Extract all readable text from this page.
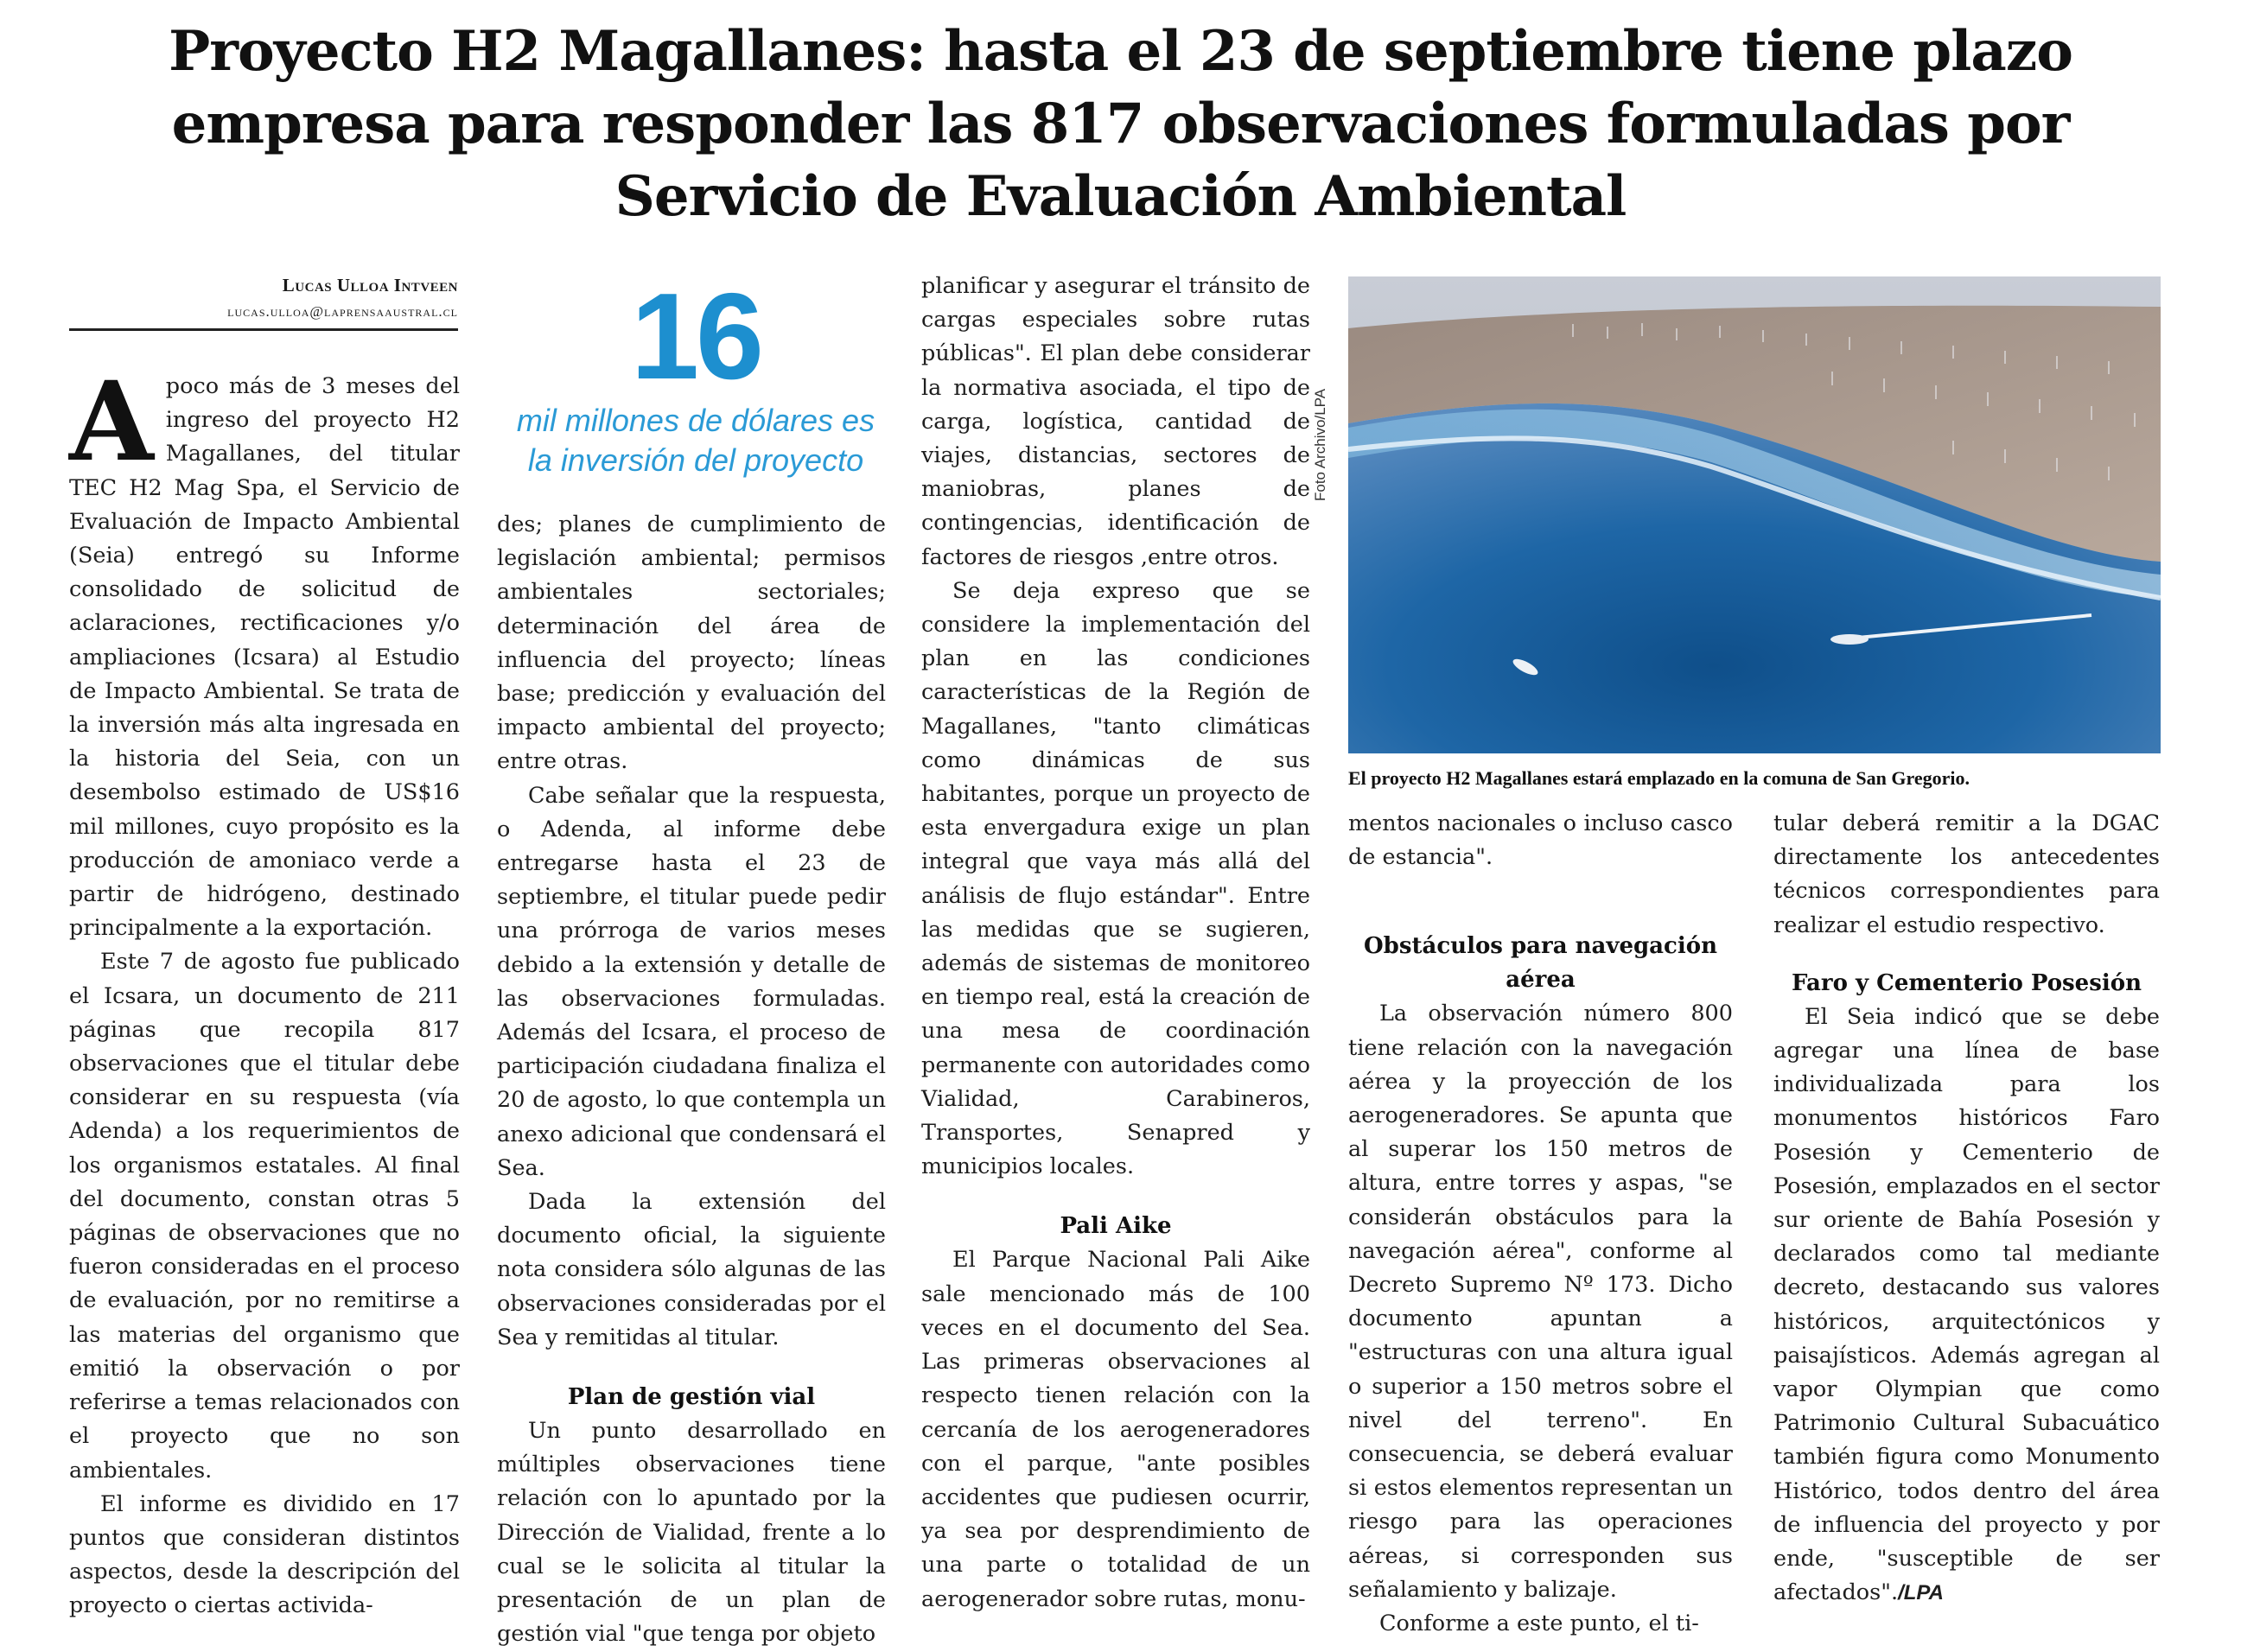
Proyecto H2 Magallanes: hasta el 23 de septiembre tiene plazo empresa para responder las 817 observaciones formuladas por Servicio de Evaluación Ambiental
Lucas Ulloa Intveen
lucas.ulloa@laprensaaustral.cl	16
mil millones de dólares es la inversión del proyecto

Apoco más de 3 meses del ingreso del proyecto H2 Magallanes, del titular TEC H2 Mag Spa, el Servicio de Evaluación de Impacto Ambiental (Seia) entregó su Informe consolidado de solicitud de aclaraciones, rectificaciones y/o ampliaciones (Icsara) al Estudio de Impacto Ambiental. Se trata de la inversión más alta ingresada en la historia del Seia, con un desembolso estimado de US$16 mil millones, cuyo propósito es la producción de amoniaco verde a partir de hidrógeno, destinado principalmente a la exportación.

Este 7 de agosto fue publicado el Icsara, un documento de 211 páginas que recopila 817 observaciones que el titular debe considerar en su respuesta (vía Adenda) a los requerimientos de los organismos estatales. Al final del documento, constan otras 5 páginas de observaciones que no fueron consideradas en el proceso de evaluación, por no remitirse a las materias del organismo que emitió la observación o por referirse a temas relacionados con el proyecto que no son ambientales.

El informe es dividido en 17 puntos que consideran distintos aspectos, desde la descripción del proyecto o ciertas activida-

des; planes de cumplimiento de legislación ambiental; permisos ambientales sectoriales; determinación del área de influencia del proyecto; líneas base; predicción y evaluación del impacto ambiental del proyecto; entre otras.

Cabe señalar que la respuesta, o Adenda, al informe debe entregarse hasta el 23 de septiembre, el titular puede pedir una prórroga de varios meses debido a la extensión y detalle de las observaciones formuladas. Además del Icsara, el proceso de participación ciudadana finaliza el 20 de agosto, lo que contempla un anexo adicional que condensará el Sea.

Dada la extensión del documento oficial, la siguiente nota considera sólo algunas de las observaciones consideradas por el Sea y remitidas al titular.

Plan de gestión vial

Un punto desarrollado en múltiples observaciones tiene relación con lo apuntado por la Dirección de Vialidad, frente a lo cual se le solicita al titular la presentación de un plan de gestión vial "que tenga por objeto

planificar y asegurar el tránsito de cargas especiales sobre rutas públicas". El plan debe considerar la normativa asociada, el tipo de carga, logística, cantidad de viajes, distancias, sectores de maniobras, planes de contingencias, identificación de factores de riesgos ,entre otros.

Se deja expreso que se considere la implementación del plan en las condiciones características de la Región de Magallanes, "tanto climáticas como dinámicas de sus habitantes, porque un proyecto de esta envergadura exige un plan integral que vaya más allá del análisis de flujo estándar". Entre las medidas que se sugieren, además de sistemas de monitoreo en tiempo real, está la creación de una mesa de coordinación permanente con autoridades como Vialidad, Carabineros, Transportes, Senapred y municipios locales.

Pali Aike

El Parque Nacional Pali Aike sale mencionado más de 100 veces en el documento del Sea. Las primeras observaciones al respecto tienen relación con la cercanía de los aerogeneradores con el parque, "ante posibles accidentes que pudiesen ocurrir, ya sea por desprendimiento de una parte o totalidad de un aerogenerador sobre rutas, monu-

Foto Archivo/LPA
El proyecto H2 Magallanes estará emplazado en la comuna de San Gregorio.

mentos nacionales o incluso casco de estancia".

Obstáculos para navegación aérea

La observación número 800 tiene relación con la navegación aérea y la proyección de los aerogeneradores. Se apunta que al superar los 150 metros de altura, entre torres y aspas, "se considerán obstáculos para la navegación aérea", conforme al Decreto Supremo Nº 173. Dicho documento apuntan a "estructuras con una altura igual o superior a 150 metros sobre el nivel del terreno". En consecuencia, se deberá evaluar si estos elementos representan un riesgo para las operaciones aéreas, si corresponden sus señalamiento y balizaje.

Conforme a este punto, el ti-

tular deberá remitir a la DGAC directamente los antecedentes técnicos correspondientes para realizar el estudio respectivo.

Faro y Cementerio Posesión

El Seia indicó que se debe agregar una línea de base individualizada para los monumentos históricos Faro Posesión y Cementerio de Posesión, emplazados en el sector sur oriente de Bahía Posesión y declarados como tal mediante decreto, destacando sus valores históricos, arquitectónicos y paisajísticos. Además agregan al vapor Olympian que como Patrimonio Cultural Subacuático también figura como Monumento Histórico, todos dentro del área de influencia del proyecto y por ende, "susceptible de ser afectados"./LPA
